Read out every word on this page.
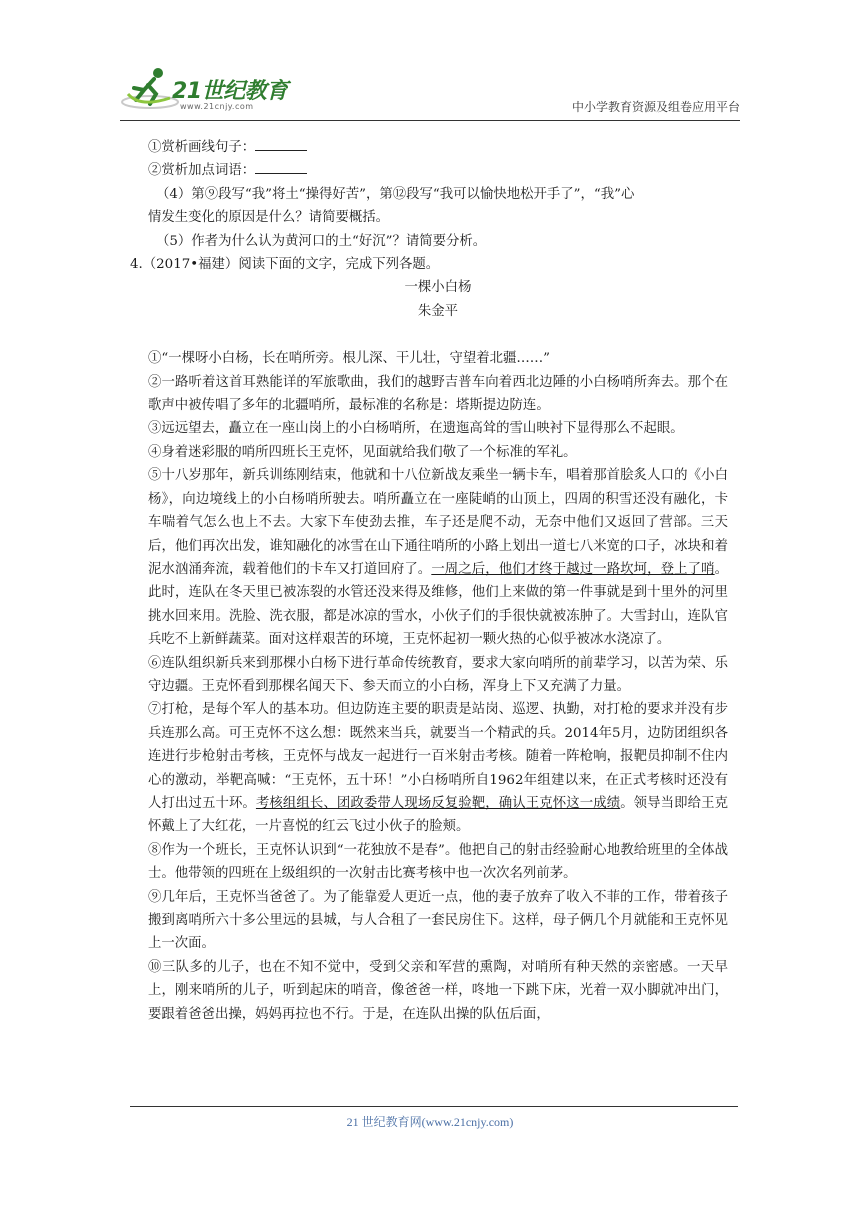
21世纪教育
www.21cnjy.com	中小学教育资源及组卷应用平台

①赏析画线句子：

②赏析加点词语：

（4）第⑨段写“我”将土“操得好苦”，第⑫段写“我可以愉快地松开手了”，“我”心

情发生变化的原因是什么？请简要概括。

（5）作者为什么认为黄河口的土“好沉”？请简要分析。

4.（2017•福建）阅读下面的文字，完成下列各题。

一棵小白杨

朱金平

①“一棵呀小白杨，长在哨所旁。根儿深、干儿壮，守望着北疆……”

②一路听着这首耳熟能详的军旅歌曲，我们的越野吉普车向着西北边陲的小白杨哨所奔去。那个在歌声中被传唱了多年的北疆哨所，最标准的名称是：塔斯提边防连。

③远远望去，矗立在一座山岗上的小白杨哨所，在遗迤高耸的雪山映衬下显得那么不起眼。

④身着迷彩服的哨所四班长王克怀，见面就给我们敬了一个标准的军礼。

⑤十八岁那年，新兵训练刚结束，他就和十八位新战友乘坐一辆卡车，唱着那首脍炙人口的《小白杨》，向边境线上的小白杨哨所驶去。哨所矗立在一座陡峭的山顶上，四周的积雪还没有融化，卡车喘着气怎么也上不去。大家下车使劲去推，车子还是爬不动，无奈中他们又返回了营部。三天后，他们再次出发，谁知融化的冰雪在山下通往哨所的小路上划出一道七八米宽的口子，冰块和着泥水汹涌奔流，载着他们的卡车又打道回府了。一周之后，他们才终于越过一路坎坷，登上了哨。此时，连队在冬天里已被冻裂的水管还没来得及维修，他们上来做的第一件事就是到十里外的河里挑水回来用。洗脸、洗衣服，都是冰凉的雪水，小伙子们的手很快就被冻肿了。大雪封山，连队官兵吃不上新鲜蔬菜。面对这样艰苦的环境，王克怀起初一颗火热的心似乎被冰水浇凉了。

⑥连队组织新兵来到那棵小白杨下进行革命传统教育，要求大家向哨所的前辈学习，以苦为荣、乐守边疆。王克怀看到那棵名闻天下、参天而立的小白杨，浑身上下又充满了力量。

⑦打枪，是每个军人的基本功。但边防连主要的职责是站岗、巡逻、执勤，对打枪的要求并没有步兵连那么高。可王克怀不这么想：既然来当兵，就要当一个精武的兵。2014年5月，边防团组织各连进行步枪射击考核，王克怀与战友一起进行一百米射击考核。随着一阵枪响，报靶员抑制不住内心的激动，举靶高喊：“王克怀，五十环！”小白杨哨所自1962年组建以来，在正式考核时还没有人打出过五十环。考核组组长、团政委带人现场反复验靶，确认王克怀这一成绩。领导当即给王克怀戴上了大红花，一片喜悦的红云飞过小伙子的脸颊。

⑧作为一个班长，王克怀认识到“一花独放不是春”。他把自己的射击经验耐心地教给班里的全体战士。他带领的四班在上级组织的一次射击比赛考核中也一次次名列前茅。

⑨几年后，王克怀当爸爸了。为了能靠爱人更近一点，他的妻子放弃了收入不菲的工作，带着孩子搬到离哨所六十多公里远的县城，与人合租了一套民房住下。这样，母子俩几个月就能和王克怀见上一次面。

⑩三队多的儿子，也在不知不觉中，受到父亲和军营的熏陶，对哨所有种天然的亲密感。一天早上，刚来哨所的儿子，听到起床的哨音，像爸爸一样，咚地一下跳下床，光着一双小脚就冲出门，要跟着爸爸出操，妈妈再拉也不行。于是，在连队出操的队伍后面，

21 世纪教育网(www.21cnjy.com)
